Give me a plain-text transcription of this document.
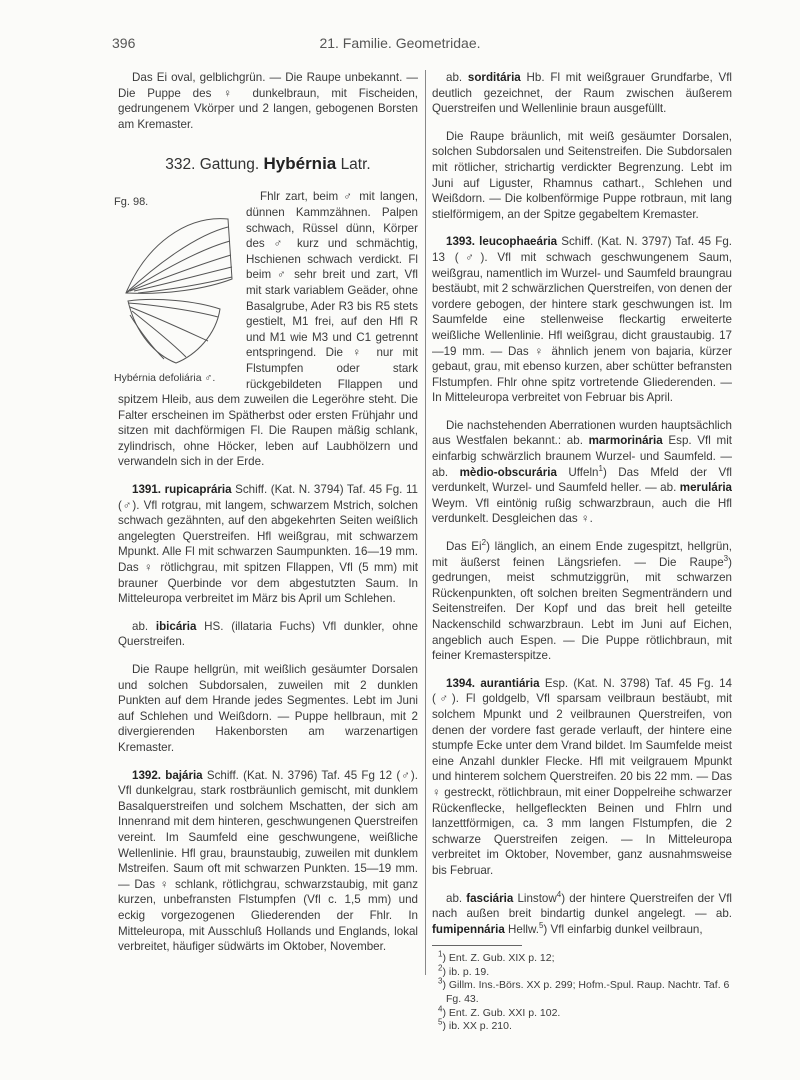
396	21. Familie. Geometridae.

Das Ei oval, gelblichgrün. — Die Raupe unbekannt. — Die Puppe des ♀ dunkelbraun, mit Fischeiden, gedrungenem Vkörper und 2 langen, gebogenen Borsten am Kremaster.

332. Gattung. Hybérnia Latr.
Fg. 98.
Hybérnia defoliária ♂.

Fhlr zart, beim ♂ mit langen, dünnen Kammzähnen. Palpen schwach, Rüssel dünn, Körper des ♂ kurz und schmächtig, Hschienen schwach verdickt. Fl beim ♂ sehr breit und zart, Vfl mit stark variablem Geäder, ohne Basalgrube, Ader R3 bis R5 stets gestielt, M1 frei, auf den Hfl R und M1 wie M3 und C1 getrennt entspringend. Die ♀ nur mit Flstumpfen oder stark rückgebildeten Fllappen und spitzem Hleib, aus dem zuweilen die Legeröhre steht. Die Falter erscheinen im Spätherbst oder ersten Frühjahr und sitzen mit dachförmigen Fl. Die Raupen mäßig schlank, zylindrisch, ohne Höcker, leben auf Laubhölzern und verwandeln sich in der Erde.

1391. rupicaprária Schiff. (Kat. N. 3794) Taf. 45 Fg. 11 (♂). Vfl rotgrau, mit langem, schwarzem Mstrich, solchen schwach gezähnten, auf den abgekehrten Seiten weißlich angelegten Querstreifen. Hfl weißgrau, mit schwarzem Mpunkt. Alle Fl mit schwarzen Saumpunkten. 16—19 mm. Das ♀ rötlichgrau, mit spitzen Fllappen, Vfl (5 mm) mit brauner Querbinde vor dem abgestutzten Saum. In Mitteleuropa verbreitet im März bis April um Schlehen.

ab. ibicária HS. (illataria Fuchs) Vfl dunkler, ohne Querstreifen.

Die Raupe hellgrün, mit weißlich gesäumter Dorsalen und solchen Subdorsalen, zuweilen mit 2 dunklen Punkten auf dem Hrande jedes Segmentes. Lebt im Juni auf Schlehen und Weißdorn. — Puppe hellbraun, mit 2 divergierenden Hakenborsten am warzenartigen Kremaster.

1392. bajária Schiff. (Kat. N. 3796) Taf. 45 Fg 12 (♂). Vfl dunkelgrau, stark rostbräunlich gemischt, mit dunklem Basalquerstreifen und solchem Mschatten, der sich am Innenrand mit dem hinteren, geschwungenen Querstreifen vereint. Im Saumfeld eine geschwungene, weißliche Wellenlinie. Hfl grau, braunstaubig, zuweilen mit dunklem Mstreifen. Saum oft mit schwarzen Punkten. 15—19 mm. — Das ♀ schlank, rötlichgrau, schwarzstaubig, mit ganz kurzen, unbefransten Flstumpfen (Vfl c. 1,5 mm) und eckig vorgezogenen Gliederenden der Fhlr. In Mitteleuropa, mit Ausschluß Hollands und Englands, lokal verbreitet, häufiger südwärts im Oktober, November.

ab. sorditária Hb. Fl mit weißgrauer Grundfarbe, Vfl deutlich gezeichnet, der Raum zwischen äußerem Querstreifen und Wellenlinie braun ausgefüllt.

Die Raupe bräunlich, mit weiß gesäumter Dorsalen, solchen Subdorsalen und Seitenstreifen. Die Subdorsalen mit rötlicher, strichartig verdickter Begrenzung. Lebt im Juni auf Liguster, Rhamnus cathart., Schlehen und Weißdorn. — Die kolbenförmige Puppe rotbraun, mit lang stielförmigem, an der Spitze gegabeltem Kremaster.

1393. leucophaeária Schiff. (Kat. N. 3797) Taf. 45 Fg. 13 (♂). Vfl mit schwach geschwungenem Saum, weißgrau, namentlich im Wurzel- und Saumfeld braungrau bestäubt, mit 2 schwärzlichen Querstreifen, von denen der vordere gebogen, der hintere stark geschwungen ist. Im Saumfelde eine stellenweise fleckartig erweiterte weißliche Wellenlinie. Hfl weißgrau, dicht graustaubig. 17—19 mm. — Das ♀ ähnlich jenem von bajaria, kürzer gebaut, grau, mit ebenso kurzen, aber schütter befransten Flstumpfen. Fhlr ohne spitz vortretende Gliederenden. — In Mitteleuropa verbreitet von Februar bis April.

Die nachstehenden Aberrationen wurden hauptsächlich aus Westfalen bekannt.: ab. marmorinária Esp. Vfl mit einfarbig schwärzlich braunem Wurzel- und Saumfeld. — ab. mèdio-obscurária Uffeln$^1$) Das Mfeld der Vfl verdunkelt, Wurzel- und Saumfeld heller. — ab. merulária Weym. Vfl eintönig rußig schwarzbraun, auch die Hfl verdunkelt. Desgleichen das ♀.

Das Ei$^2$) länglich, an einem Ende zugespitzt, hellgrün, mit äußerst feinen Längsriefen. — Die Raupe$^3$) gedrungen, meist schmutziggrün, mit schwarzen Rückenpunkten, oft solchen breiten Segmenträndern und Seitenstreifen. Der Kopf und das breit hell geteilte Nackenschild schwarzbraun. Lebt im Juni auf Eichen, angeblich auch Espen. — Die Puppe rötlichbraun, mit feiner Kremasterspitze.

1394. aurantiária Esp. (Kat. N. 3798) Taf. 45 Fg. 14 (♂). Fl goldgelb, Vfl sparsam veilbraun bestäubt, mit solchem Mpunkt und 2 veilbraunen Querstreifen, von denen der vordere fast gerade verlauft, der hintere eine stumpfe Ecke unter dem Vrand bildet. Im Saumfelde meist eine Anzahl dunkler Flecke. Hfl mit veilgrauem Mpunkt und hinterem solchem Querstreifen. 20 bis 22 mm. — Das ♀ gestreckt, rötlichbraun, mit einer Doppelreihe schwarzer Rückenflecke, hellgefleckten Beinen und Fhlrn und lanzettförmigen, ca. 3 mm langen Flstumpfen, die 2 schwarze Querstreifen zeigen. — In Mitteleuropa verbreitet im Oktober, November, ganz ausnahmsweise bis Februar.

ab. fasciária Linstow$^4$) der hintere Querstreifen der Vfl nach außen breit bindartig dunkel angelegt. — ab. fumipennária Hellw.$^5$) Vfl einfarbig dunkel veilbraun,

$^1$) Ent. Z. Gub. XIX p. 12;

$^2$) ib. p. 19.

$^3$) Gillm. Ins.-Börs. XX p. 299; Hofm.-Spul. Raup. Nachtr. Taf. 6 Fg. 43.

$^4$) Ent. Z. Gub. XXI p. 102.

$^5$) ib. XX p. 210.
